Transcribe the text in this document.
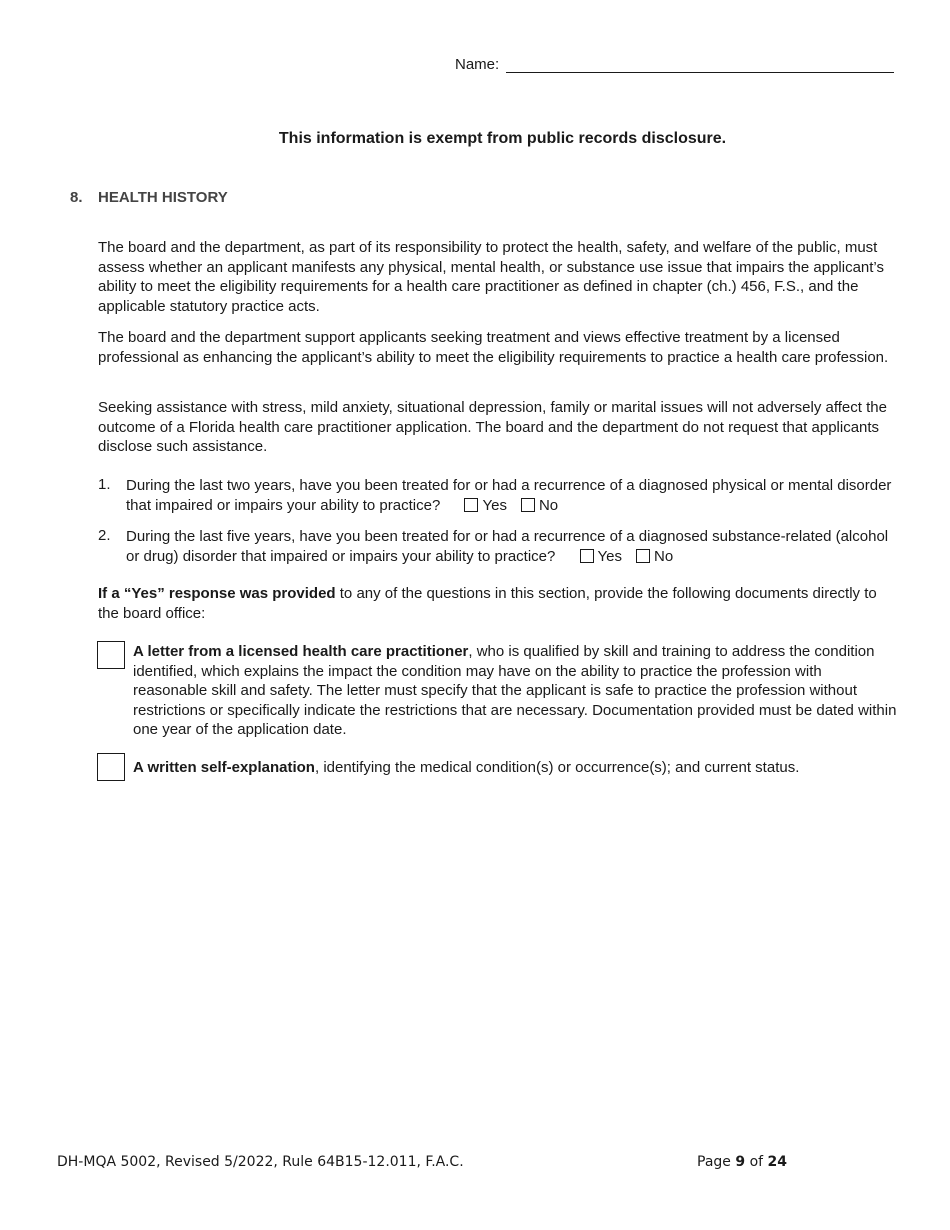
Name:
This information is exempt from public records disclosure.
8. HEALTH HISTORY
The board and the department, as part of its responsibility to protect the health, safety, and welfare of the public, must assess whether an applicant manifests any physical, mental health, or substance use issue that impairs the applicant’s ability to meet the eligibility requirements for a health care practitioner as defined in chapter (ch.) 456, F.S., and the applicable statutory practice acts.
The board and the department support applicants seeking treatment and views effective treatment by a licensed professional as enhancing the applicant’s ability to meet the eligibility requirements to practice a health care profession.
Seeking assistance with stress, mild anxiety, situational depression, family or marital issues will not adversely affect the outcome of a Florida health care practitioner application. The board and the department do not request that applicants disclose such assistance.
1. During the last two years, have you been treated for or had a recurrence of a diagnosed physical or mental disorder that impaired or impairs your ability to practice?	Yes No
2. During the last five years, have you been treated for or had a recurrence of a diagnosed substance-related (alcohol or drug) disorder that impaired or impairs your ability to practice?	Yes No
If a “Yes” response was provided to any of the questions in this section, provide the following documents directly to the board office:
A letter from a licensed health care practitioner, who is qualified by skill and training to address the condition identified, which explains the impact the condition may have on the ability to practice the profession with reasonable skill and safety. The letter must specify that the applicant is safe to practice the profession without restrictions or specifically indicate the restrictions that are necessary. Documentation provided must be dated within one year of the application date.
A written self-explanation, identifying the medical condition(s) or occurrence(s); and current status.
DH-MQA 5002, Revised 5/2022, Rule 64B15-12.011, F.A.C.	Page 9 of 24
